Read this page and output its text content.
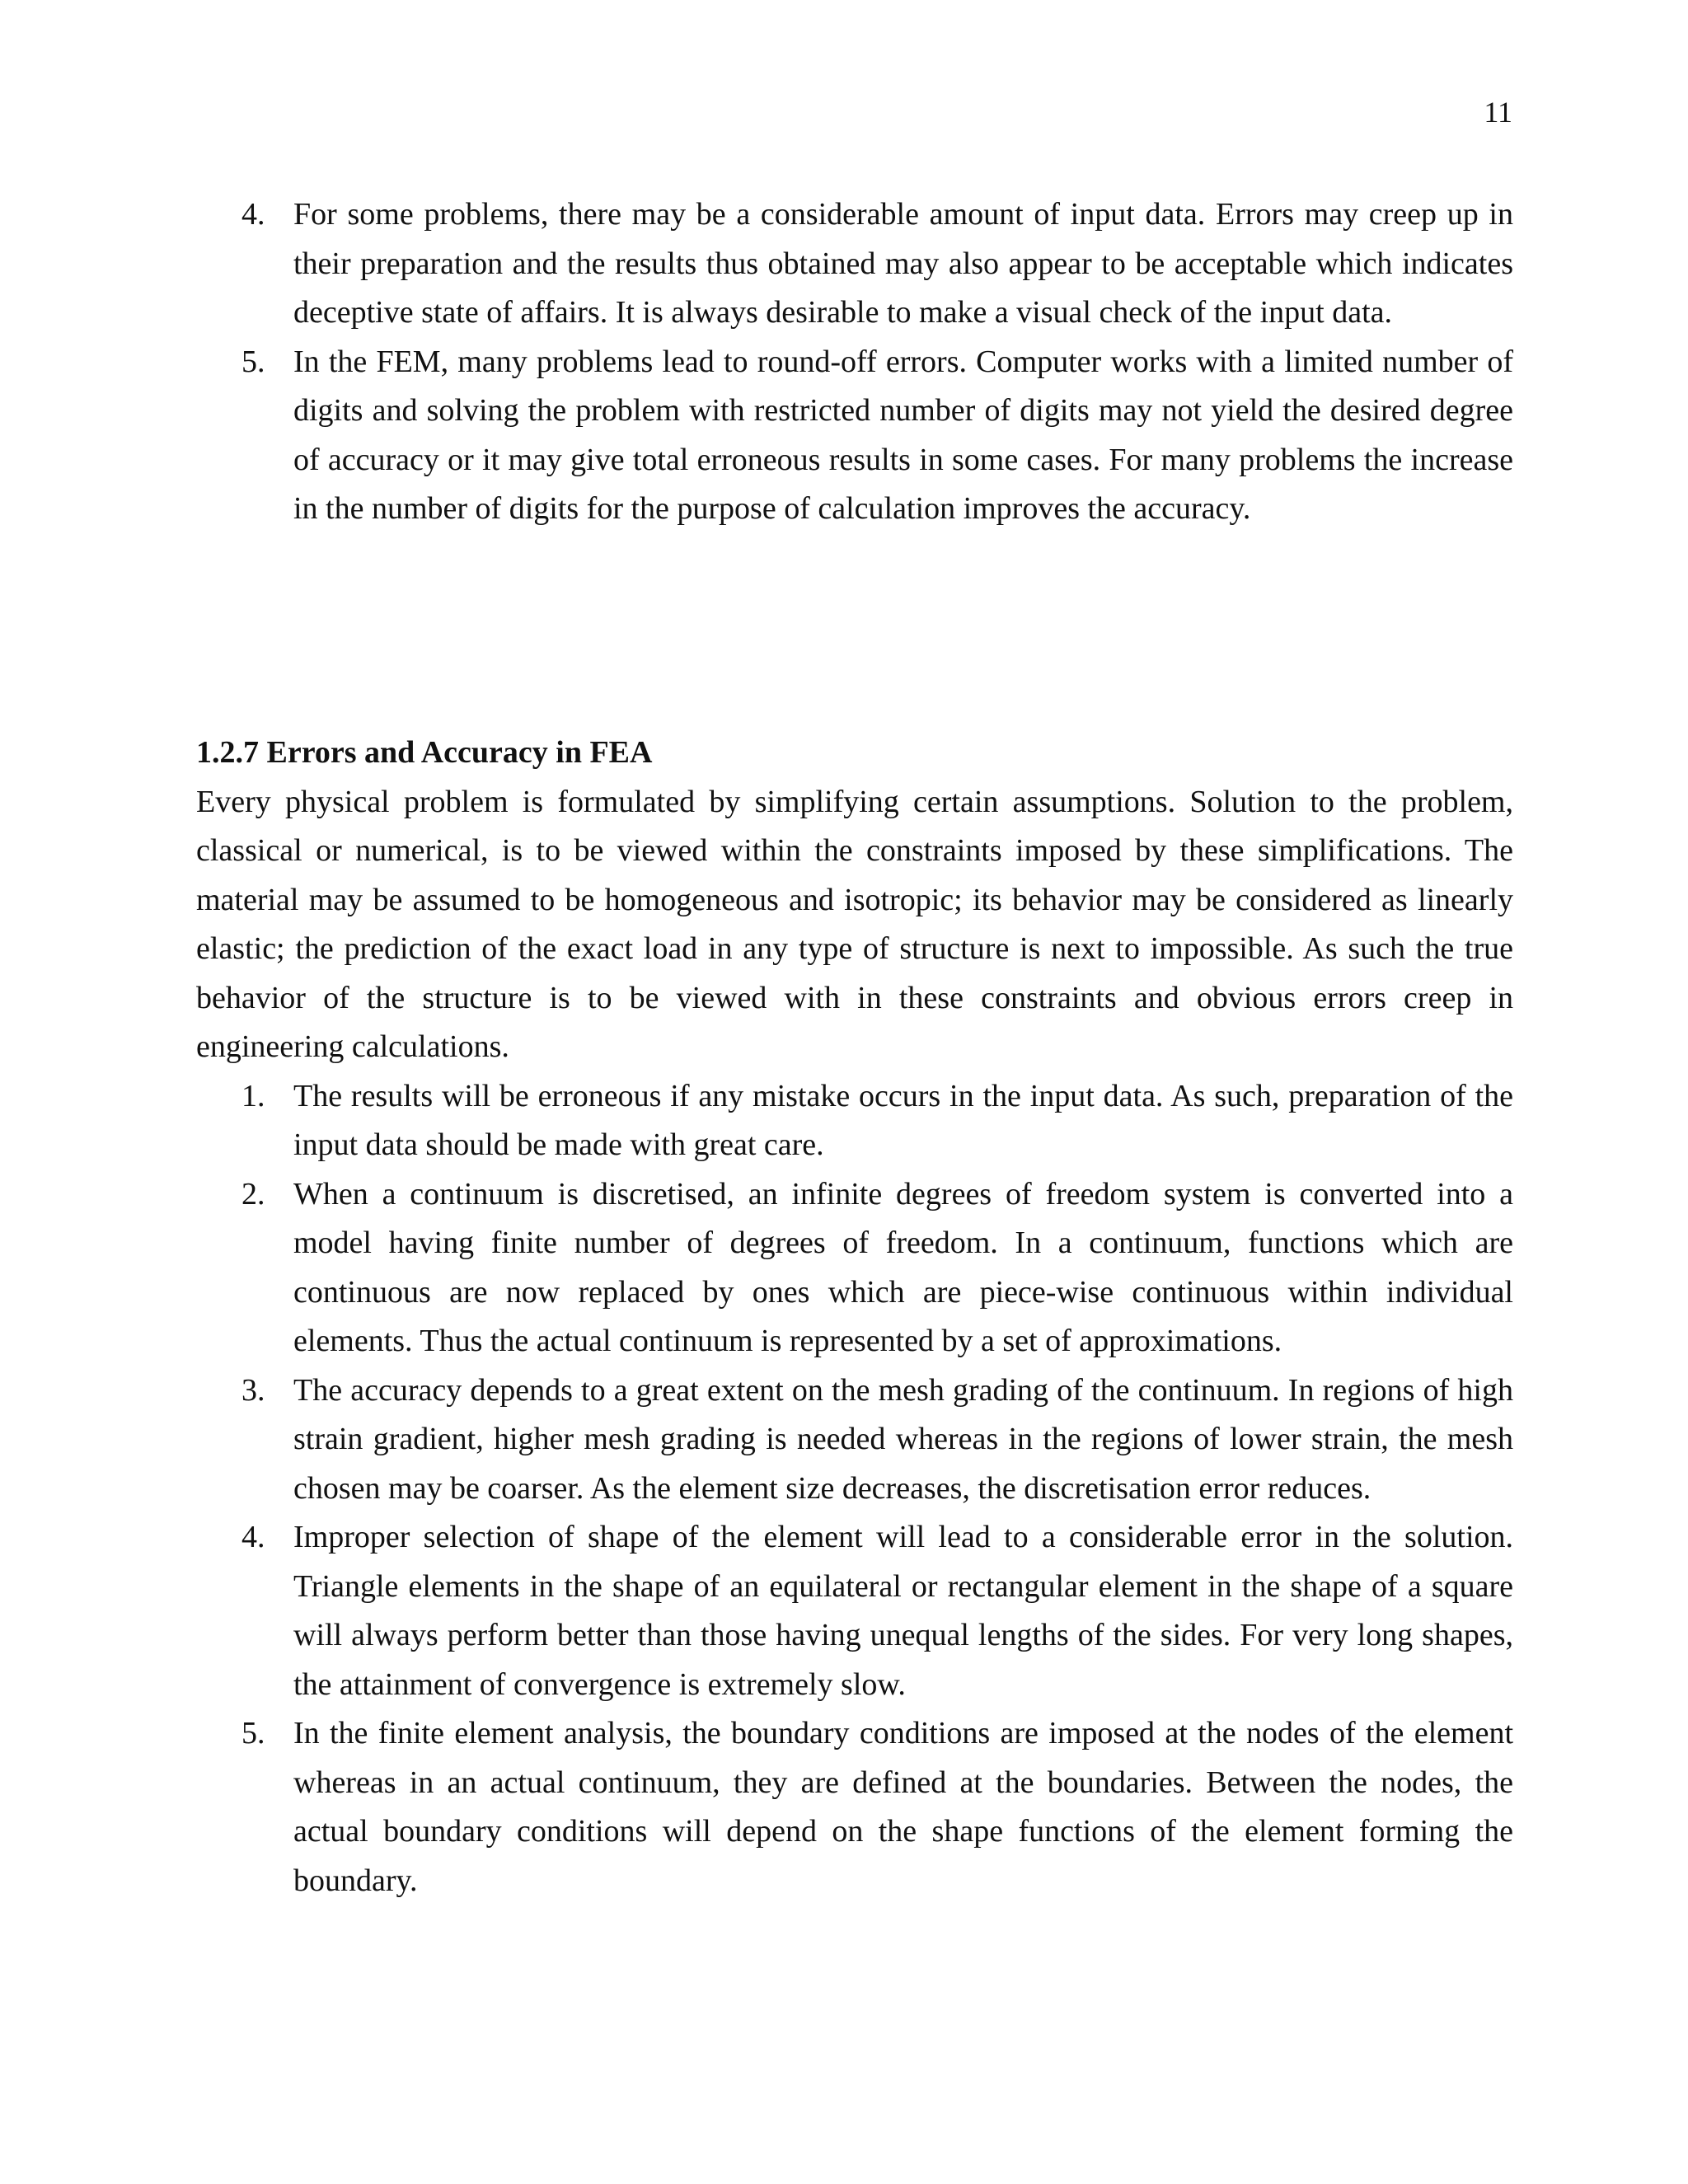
11
4. For some problems, there may be a considerable amount of input data. Errors may creep up in their preparation and the results thus obtained may also appear to be acceptable which indicates deceptive state of affairs. It is always desirable to make a visual check of the input data.
5. In the FEM, many problems lead to round-off errors. Computer works with a limited number of digits and solving the problem with restricted number of digits may not yield the desired degree of accuracy or it may give total erroneous results in some cases. For many problems the increase in the number of digits for the purpose of calculation improves the accuracy.
1.2.7 Errors and Accuracy in FEA

Every physical problem is formulated by simplifying certain assumptions. Solution to the problem, classical or numerical, is to be viewed within the constraints imposed by these simplifications. The material may be assumed to be homogeneous and isotropic; its behavior may be considered as linearly elastic; the prediction of the exact load in any type of structure is next to impossible. As such the true behavior of the structure is to be viewed with in these constraints and obvious errors creep in engineering calculations.

1. The results will be erroneous if any mistake occurs in the input data. As such, preparation of the input data should be made with great care.
2. When a continuum is discretised, an infinite degrees of freedom system is converted into a model having finite number of degrees of freedom. In a continuum, functions which are continuous are now replaced by ones which are piece-wise continuous within individual elements. Thus the actual continuum is represented by a set of approximations.
3. The accuracy depends to a great extent on the mesh grading of the continuum. In regions of high strain gradient, higher mesh grading is needed whereas in the regions of lower strain, the mesh chosen may be coarser. As the element size decreases, the discretisation error reduces.
4. Improper selection of shape of the element will lead to a considerable error in the solution. Triangle elements in the shape of an equilateral or rectangular element in the shape of a square will always perform better than those having unequal lengths of the sides. For very long shapes, the attainment of convergence is extremely slow.
5. In the finite element analysis, the boundary conditions are imposed at the nodes of the element whereas in an actual continuum, they are defined at the boundaries. Between the nodes, the actual boundary conditions will depend on the shape functions of the element forming the boundary.
